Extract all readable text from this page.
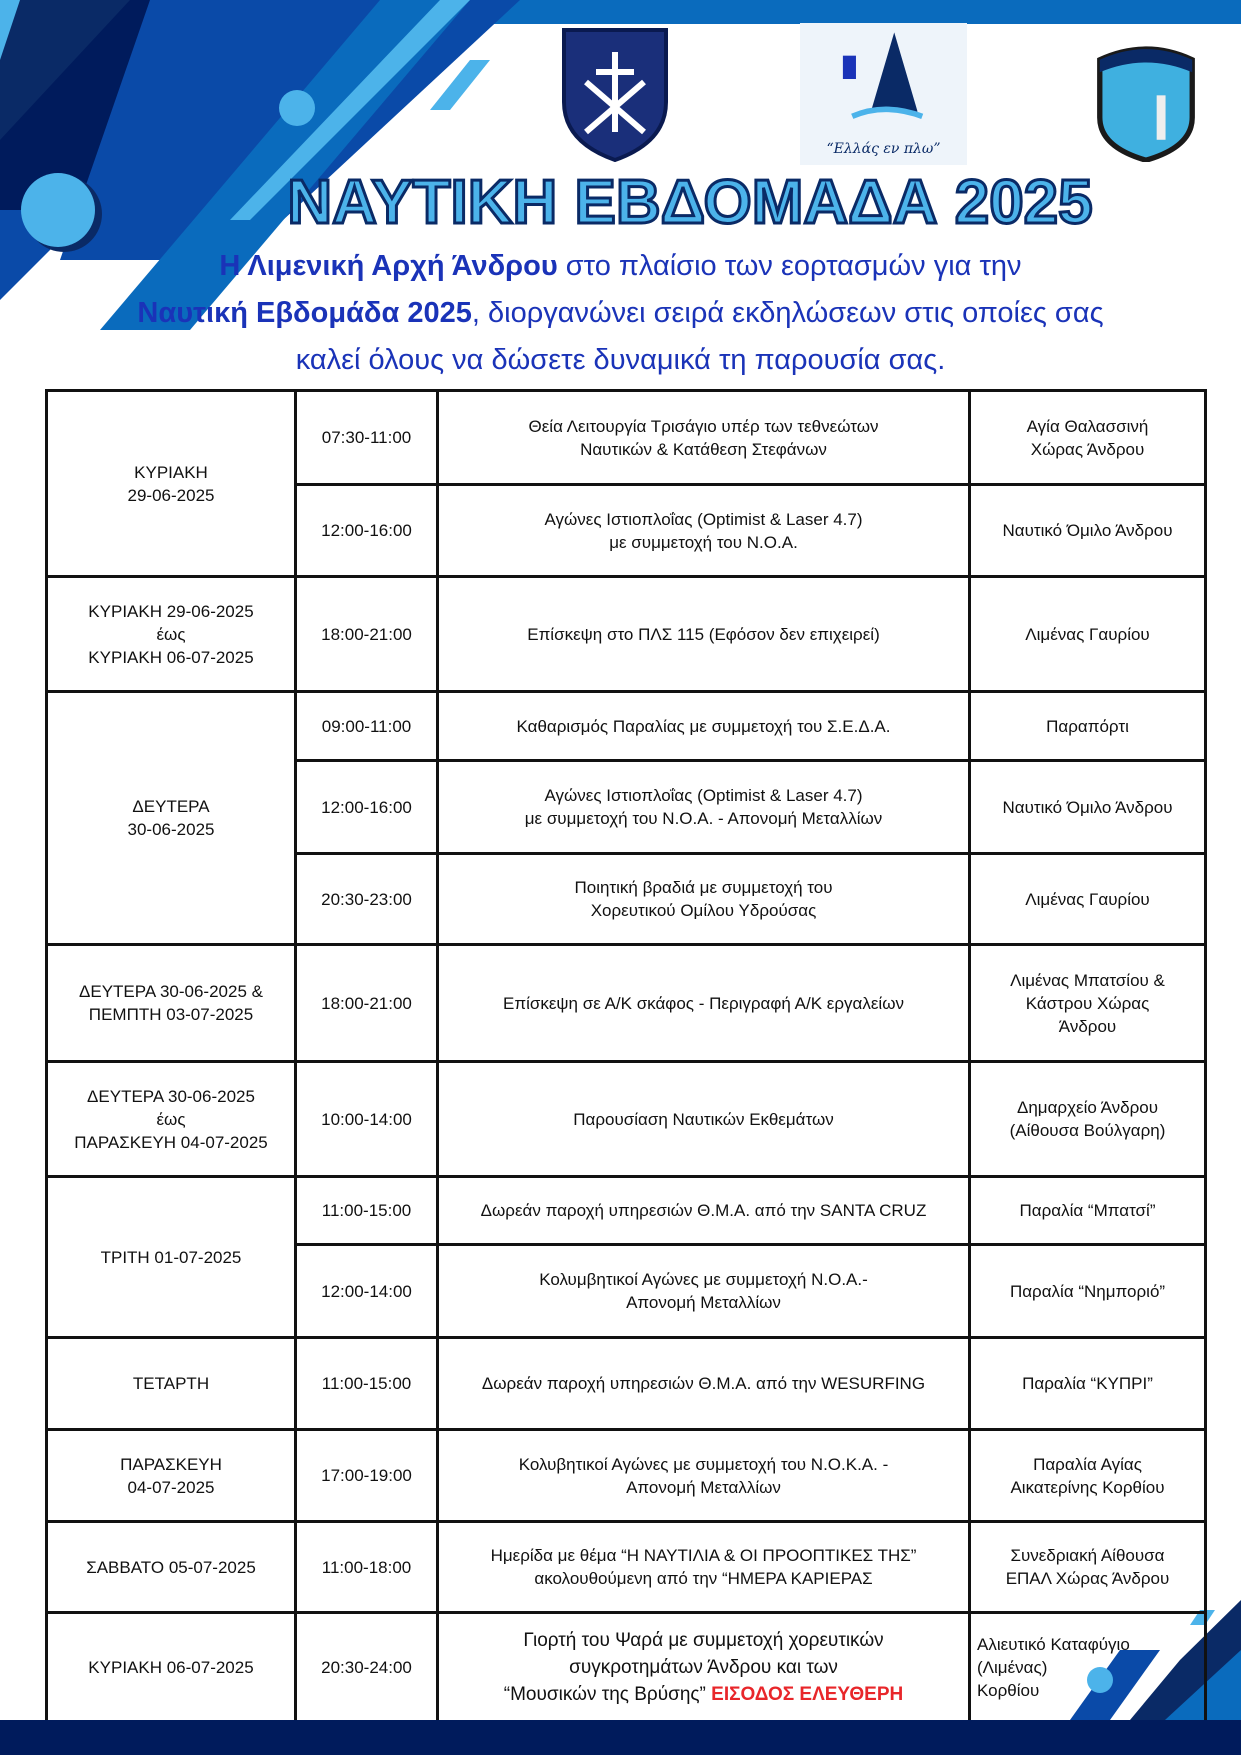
“Ελλάς εν πλω”
ΝΑΥΤΙΚΗ ΕΒΔΟΜΑΔΑ 2025
Η Λιμενική Αρχή Άνδρου στο πλαίσιο των εορτασμών για την
Ναυτική Εβδομάδα 2025, διοργανώνει σειρά εκδηλώσεων στις οποίες σας
καλεί όλους να δώσετε δυναμικά τη παρουσία σας.
ΚΥΡΙΑΚΗ
29-06-2025	07:30-11:00	Θεία Λειτουργία Τρισάγιο υπέρ των τεθνεώτων
Ναυτικών & Κατάθεση Στεφάνων	Αγία Θαλασσινή
Χώρας Άνδρου
	12:00-16:00	Αγώνες Ιστιοπλοΐας (Optimist & Laser 4.7)
με συμμετοχή του Ν.Ο.Α.	Ναυτικό Όμιλο Άνδρου
ΚΥΡΙΑΚΗ 29-06-2025
έως
ΚΥΡΙΑΚΗ 06-07-2025	18:00-21:00	Επίσκεψη στο ΠΛΣ 115 (Εφόσον δεν επιχειρεί)	Λιμένας Γαυρίου
ΔΕΥΤΕΡΑ
30-06-2025	09:00-11:00	Καθαρισμός Παραλίας με συμμετοχή του Σ.Ε.Δ.Α.	Παραπόρτι
	12:00-16:00	Αγώνες Ιστιοπλοΐας (Optimist & Laser 4.7)
με συμμετοχή του Ν.Ο.Α. - Απονομή Μεταλλίων	Ναυτικό Όμιλο Άνδρου
	20:30-23:00	Ποιητική βραδιά με συμμετοχή του
Χορευτικού Ομίλου Υδρούσας	Λιμένας Γαυρίου
ΔΕΥΤΕΡΑ 30-06-2025 &
ΠΕΜΠΤΗ 03-07-2025	18:00-21:00	Επίσκεψη σε Α/Κ σκάφος - Περιγραφή Α/Κ εργαλείων	Λιμένας Μπατσίου &
Κάστρου Χώρας
Άνδρου
ΔΕΥΤΕΡΑ 30-06-2025
έως
ΠΑΡΑΣΚΕΥΗ 04-07-2025	10:00-14:00	Παρουσίαση Ναυτικών Εκθεμάτων	Δημαρχείο Άνδρου
(Αίθουσα Βούλγαρη)
ΤΡΙΤΗ 01-07-2025	11:00-15:00	Δωρεάν παροχή υπηρεσιών Θ.Μ.Α. από την SANTA CRUZ	Παραλία “Μπατσί”
	12:00-14:00	Κολυμβητικοί Αγώνες με συμμετοχή Ν.Ο.Α.-
Απονομή Μεταλλίων	Παραλία “Νημποριό”
ΤΕΤΑΡΤΗ	11:00-15:00	Δωρεάν παροχή υπηρεσιών Θ.Μ.Α. από την WESURFING	Παραλία “ΚΥΠΡΙ”
ΠΑΡΑΣΚΕΥΗ
04-07-2025	17:00-19:00	Κολυβητικοί Αγώνες με συμμετοχή του Ν.Ο.Κ.Α. -
Απονομή Μεταλλίων	Παραλία Αγίας
Αικατερίνης Κορθίου
ΣΑΒΒΑΤΟ 05-07-2025	11:00-18:00	Ημερίδα με θέμα “Η ΝΑΥΤΙΛΙΑ & ΟΙ ΠΡΟΟΠΤΙΚΕΣ ΤΗΣ”
ακολουθούμενη από την “ΗΜΕΡΑ ΚΑΡΙΕΡΑΣ	Συνεδριακή Αίθουσα
ΕΠΑΛ Χώρας Άνδρου
ΚΥΡΙΑΚΗ 06-07-2025	20:30-24:00	Γιορτή του Ψαρά με συμμετοχή χορευτικών
συγκροτημάτων Άνδρου και των
“Μουσικών της Βρύσης” ΕΙΣΟΔΟΣ ΕΛΕΥΘΕΡΗ	Αλιευτικό Καταφύγιο
(Λιμένας)
Κορθίου
